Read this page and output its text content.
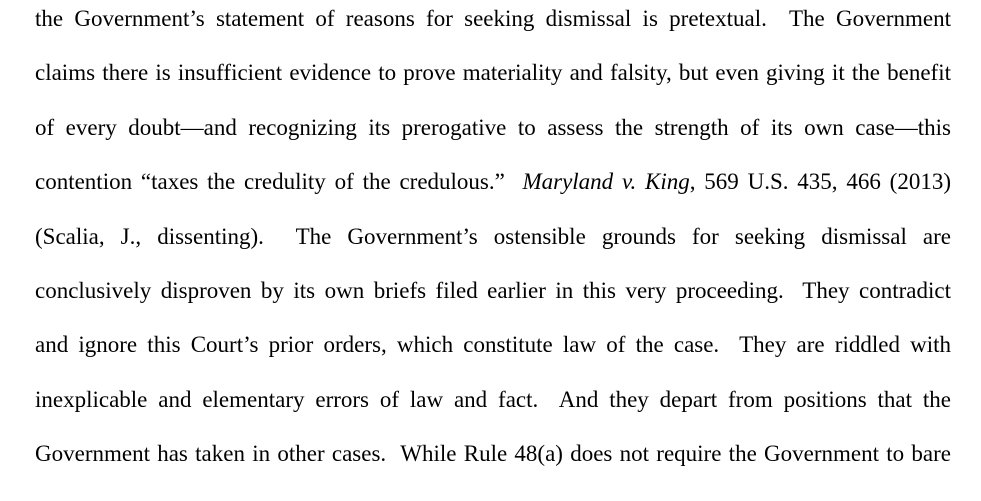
the Government’s statement of reasons for seeking dismissal is pretextual.  The Government
claims there is insufficient evidence to prove materiality and falsity, but even giving it the benefit
of every doubt—and recognizing its prerogative to assess the strength of its own case—this
contention “taxes the credulity of the credulous.”  Maryland v. King, 569 U.S. 435, 466 (2013)
(Scalia, J., dissenting).  The Government’s ostensible grounds for seeking dismissal are
conclusively disproven by its own briefs filed earlier in this very proceeding.  They contradict
and ignore this Court’s prior orders, which constitute law of the case.  They are riddled with
inexplicable and elementary errors of law and fact.  And they depart from positions that the
Government has taken in other cases.  While Rule 48(a) does not require the Government to bare
